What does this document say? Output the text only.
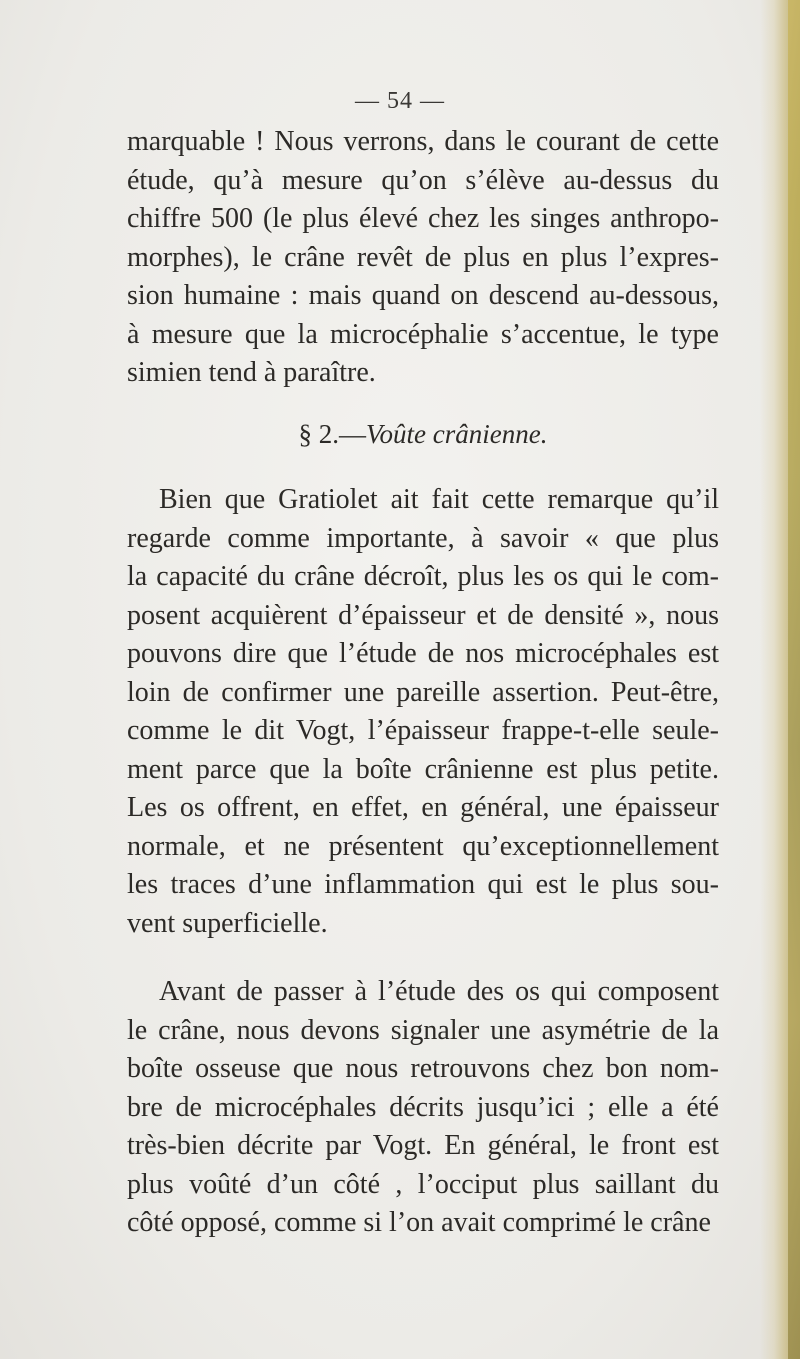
— 54 —

marquable ! Nous verrons, dans le courant de cette
étude, qu’à mesure qu’on s’élève au-dessus du
chiffre 500 (le plus élevé chez les singes anthropo-
morphes), le crâne revêt de plus en plus l’expres-
sion humaine : mais quand on descend au-dessous,
à mesure que la microcéphalie s’accentue, le type
simien tend à paraître.

§ 2.—Voûte crânienne.

Bien que Gratiolet ait fait cette remarque qu’il
regarde comme importante, à savoir « que plus
la capacité du crâne décroît, plus les os qui le com-
posent acquièrent d’épaisseur et de densité », nous
pouvons dire que l’étude de nos microcéphales est
loin de confirmer une pareille assertion. Peut-être,
comme le dit Vogt, l’épaisseur frappe-t-elle seule-
ment parce que la boîte crânienne est plus petite.
Les os offrent, en effet, en général, une épaisseur
normale, et ne présentent qu’exceptionnellement
les traces d’une inflammation qui est le plus sou-
vent superficielle.

Avant de passer à l’étude des os qui composent
le crâne, nous devons signaler une asymétrie de la
boîte osseuse que nous retrouvons chez bon nom-
bre de microcéphales décrits jusqu’ici ; elle a été
très-bien décrite par Vogt. En général, le front est
plus voûté d’un côté , l’occiput plus saillant du
côté opposé, comme si l’on avait comprimé le crâne
